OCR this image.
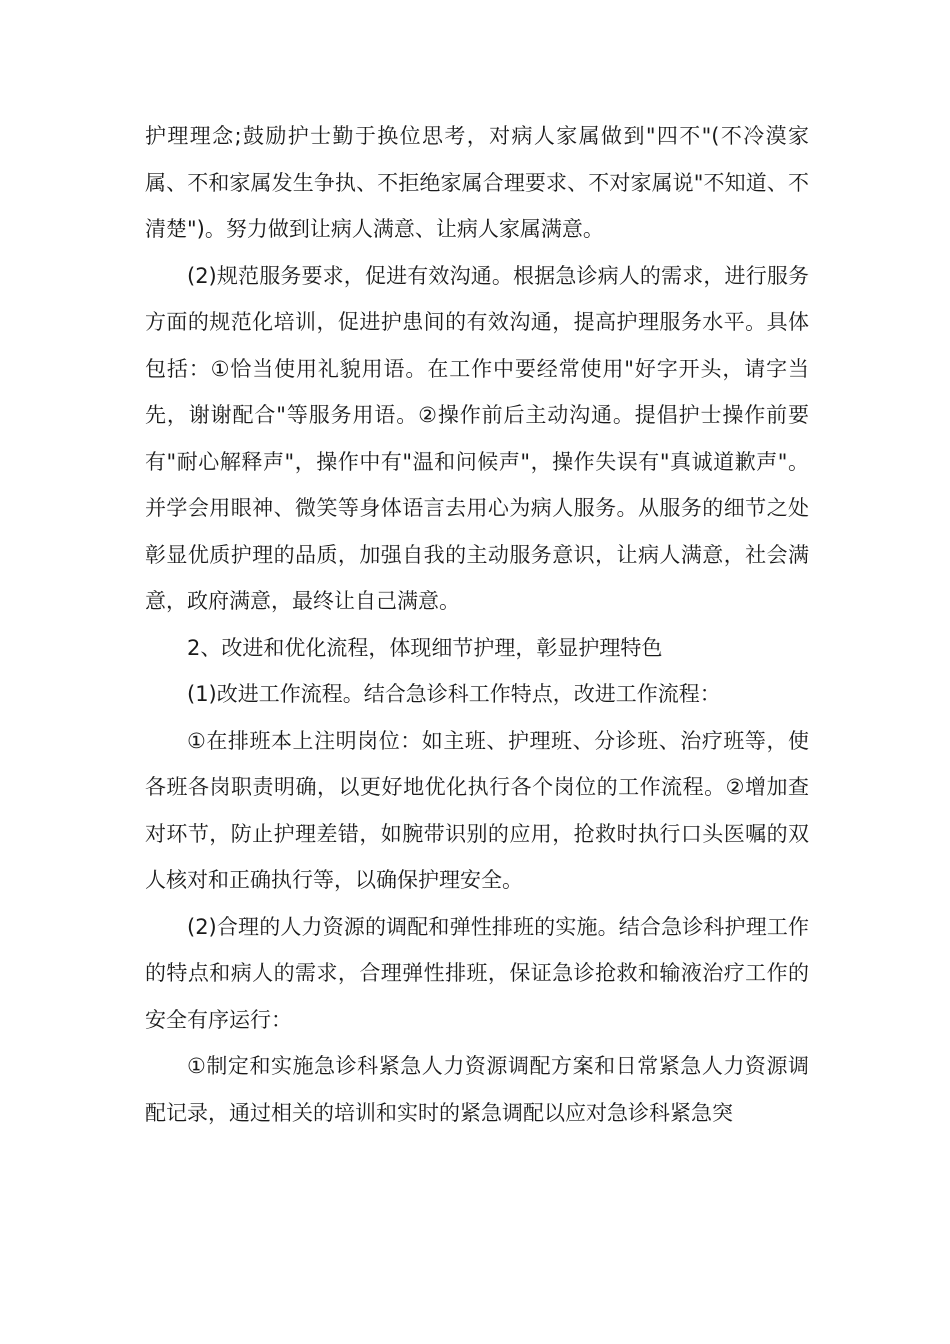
护理理念;鼓励护士勤于换位思考，对病人家属做到"四不"(不冷漠家属、不和家属发生争执、不拒绝家属合理要求、不对家属说"不知道、不清楚")。努力做到让病人满意、让病人家属满意。

(2)规范服务要求，促进有效沟通。根据急诊病人的需求，进行服务方面的规范化培训，促进护患间的有效沟通，提高护理服务水平。具体包括：①恰当使用礼貌用语。在工作中要经常使用"好字开头，请字当先，谢谢配合"等服务用语。②操作前后主动沟通。提倡护士操作前要有"耐心解释声"，操作中有"温和问候声"，操作失误有"真诚道歉声"。并学会用眼神、微笑等身体语言去用心为病人服务。从服务的细节之处彰显优质护理的品质，加强自我的主动服务意识，让病人满意，社会满意，政府满意，最终让自己满意。

2、改进和优化流程，体现细节护理，彰显护理特色

(1)改进工作流程。结合急诊科工作特点，改进工作流程：

①在排班本上注明岗位：如主班、护理班、分诊班、治疗班等，使各班各岗职责明确，以更好地优化执行各个岗位的工作流程。②增加查对环节，防止护理差错，如腕带识别的应用，抢救时执行口头医嘱的双人核对和正确执行等，以确保护理安全。

(2)合理的人力资源的调配和弹性排班的实施。结合急诊科护理工作的特点和病人的需求，合理弹性排班，保证急诊抢救和输液治疗工作的安全有序运行：

①制定和实施急诊科紧急人力资源调配方案和日常紧急人力资源调配记录，通过相关的培训和实时的紧急调配以应对急诊科紧急突
